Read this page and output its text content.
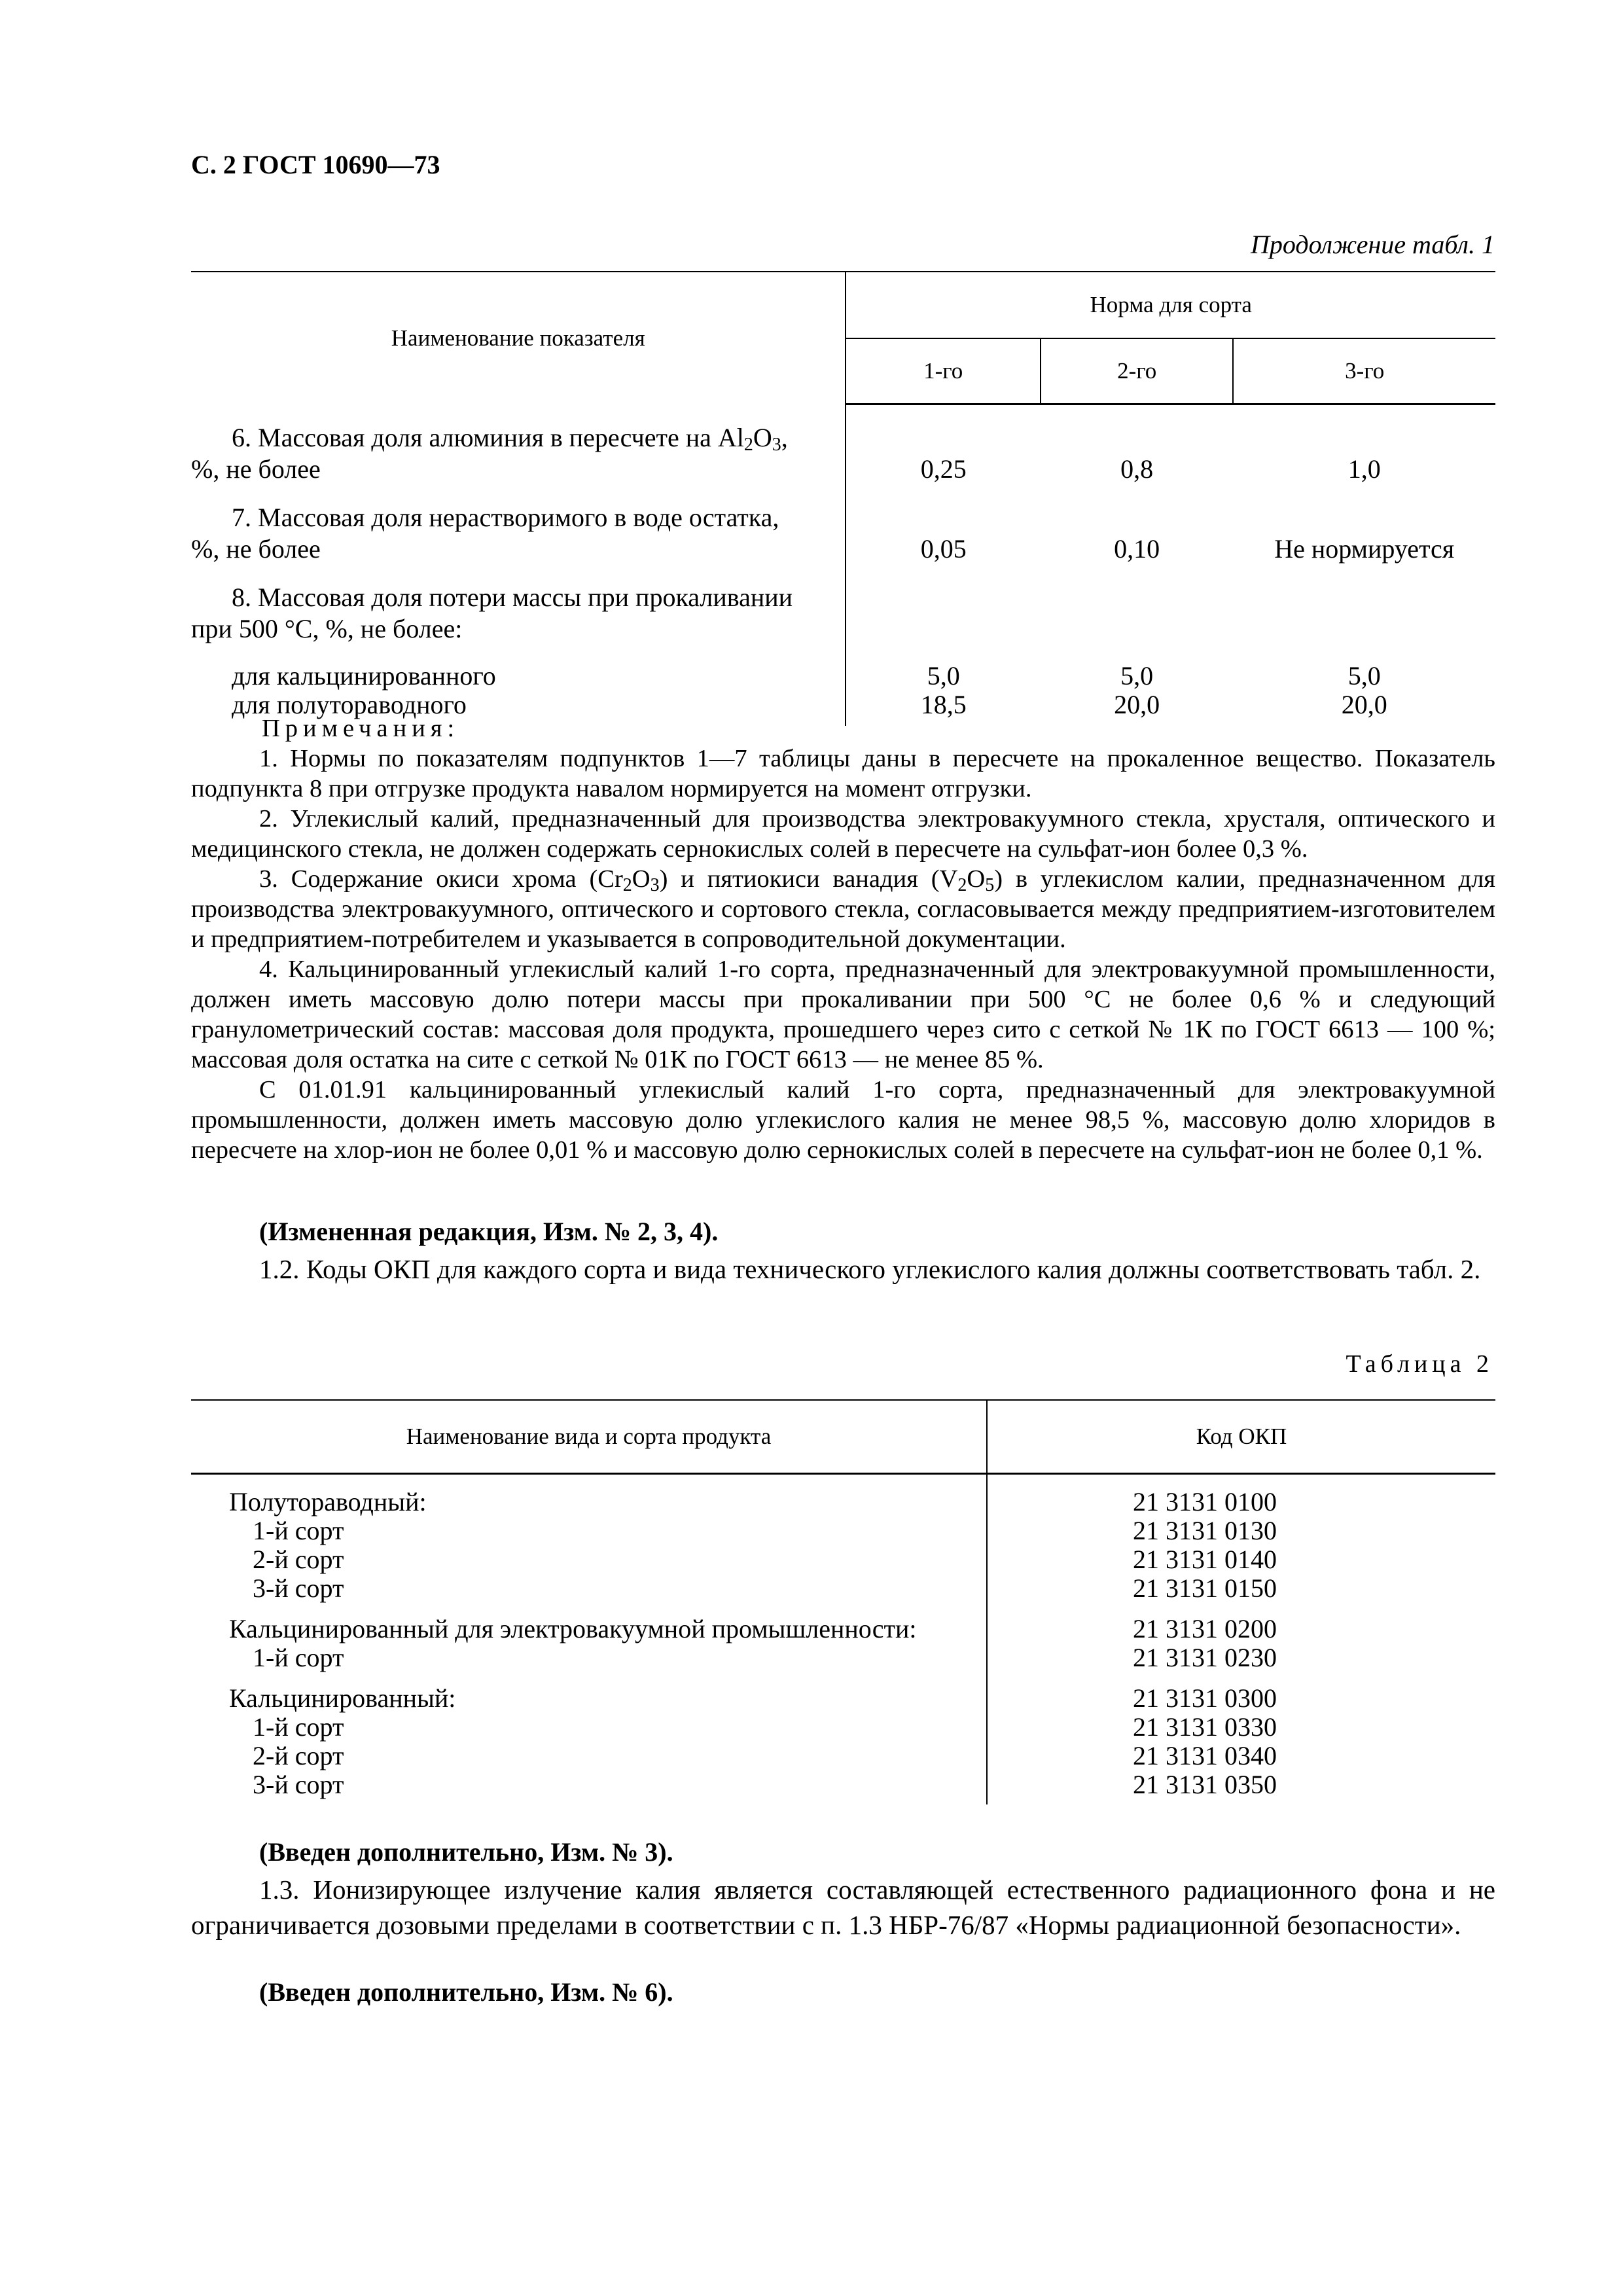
С. 2 ГОСТ 10690—73
Продолжение табл. 1
Наименование показателя	Норма для сорта		
	1-го	2-го	3-го

6. Массовая доля алюминия в пересчете на $Al_2O_3$,
%, не более	0,25	0,8	1,0

7. Массовая доля нерастворимого в воде остатка,
%, не более	0,05	0,10	Не нормируется

8. Массовая доля потери массы при прокаливании
при 500 °С, %, не более:			

для кальцинированного	5,0	5,0	5,0
для полутораводного	18,5	20,0	20,0

Примечания:

1. Нормы по показателям подпунктов 1—7 таблицы даны в пересчете на прокаленное вещество. Показатель подпункта 8 при отгрузке продукта навалом нормируется на момент отгрузки.

2. Углекислый калий, предназначенный для производства электровакуумного стекла, хрусталя, оптического и медицинского стекла, не должен содержать сернокислых солей в пересчете на сульфат-ион более 0,3 %.

3. Содержание окиси хрома $(Cr_2O_3)$ и пятиокиси ванадия $(V_2O_5)$ в углекислом калии, предназначенном для производства электровакуумного, оптического и сортового стекла, согласовывается между предприятием-изготовителем и предприятием-потребителем и указывается в сопроводительной документации.

4. Кальцинированный углекислый калий 1-го сорта, предназначенный для электровакуумной промышленности, должен иметь массовую долю потери массы при прокаливании при 500 °С не более 0,6 % и следующий гранулометрический состав: массовая доля продукта, прошедшего через сито с сеткой № 1К по ГОСТ 6613 — 100 %; массовая доля остатка на сите с сеткой № 01К по ГОСТ 6613 — не менее 85 %.

С 01.01.91 кальцинированный углекислый калий 1-го сорта, предназначенный для электровакуумной промышленности, должен иметь массовую долю углекислого калия не менее 98,5 %, массовую долю хлоридов в пересчете на хлор-ион не более 0,01 % и массовую долю сернокислых солей в пересчете на сульфат-ион не более 0,1 %.

(Измененная редакция, Изм. № 2, 3, 4).

1.2. Коды ОКП для каждого сорта и вида технического углекислого калия должны соответствовать табл. 2.

Таблица 2
Наименование вида и сорта продукта	Код ОКП
Полутораводный:	21 3131 0100
1-й сорт	21 3131 0130
2-й сорт	21 3131 0140
3-й сорт	21 3131 0150
Кальцинированный для электровакуумной промышленности:	21 3131 0200
1-й сорт	21 3131 0230
Кальцинированный:	21 3131 0300
1-й сорт	21 3131 0330
2-й сорт	21 3131 0340
3-й сорт	21 3131 0350
(Введен дополнительно, Изм. № 3).

1.3. Ионизирующее излучение калия является составляющей естественного радиационного фона и не ограничивается дозовыми пределами в соответствии с п. 1.3 НБР-76/87 «Нормы радиационной безопасности».

(Введен дополнительно, Изм. № 6).
